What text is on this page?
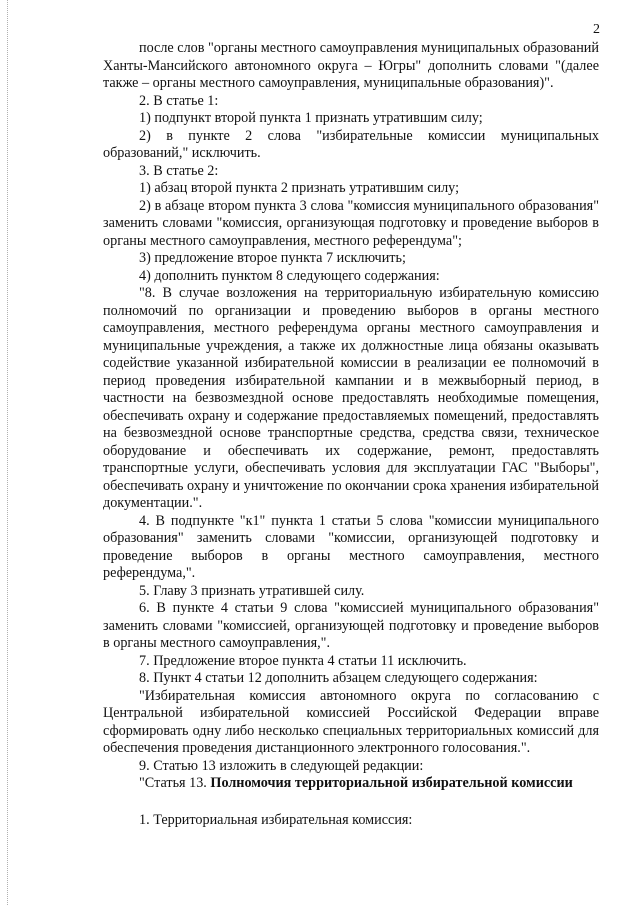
2

после слов "органы местного самоуправления муниципальных образований Ханты-Мансийского автономного округа – Югры" дополнить словами "(далее также – органы местного самоуправления, муниципальные образования)".

2. В статье 1:

1) подпункт второй пункта 1 признать утратившим силу;

2) в пункте 2 слова "избирательные комиссии муниципальных образований," исключить.

3. В статье 2:

1) абзац второй пункта 2 признать утратившим силу;

2) в абзаце втором пункта 3 слова "комиссия муниципального образования" заменить словами "комиссия, организующая подготовку и проведение выборов в органы местного самоуправления, местного референдума";

3) предложение второе пункта 7 исключить;

4) дополнить пунктом 8 следующего содержания:

"8. В случае возложения на территориальную избирательную комиссию полномочий по организации и проведению выборов в органы местного самоуправления, местного референдума органы местного самоуправления и муниципальные учреждения, а также их должностные лица обязаны оказывать содействие указанной избирательной комиссии в реализации ее полномочий в период проведения избирательной кампании и в межвыборный период, в частности на безвозмездной основе предоставлять необходимые помещения, обеспечивать охрану и содержание предоставляемых помещений, предоставлять на безвозмездной основе транспортные средства, средства связи, техническое оборудование и обеспечивать их содержание, ремонт, предоставлять транспортные услуги, обеспечивать условия для эксплуатации ГАС "Выборы", обеспечивать охрану и уничтожение по окончании срока хранения избирательной документации.".

4. В подпункте "к1" пункта 1 статьи 5 слова "комиссии муниципального образования" заменить словами "комиссии, организующей подготовку и проведение выборов в органы местного самоуправления, местного референдума,".

5. Главу 3 признать утратившей силу.

6. В пункте 4 статьи 9 слова "комиссией муниципального образования" заменить словами "комиссией, организующей подготовку и проведение выборов в органы местного самоуправления,".

7. Предложение второе пункта 4 статьи 11 исключить.

8. Пункт 4 статьи 12 дополнить абзацем следующего содержания:

"Избирательная комиссия автономного округа по согласованию с Центральной избирательной комиссией Российской Федерации вправе сформировать одну либо несколько специальных территориальных комиссий для обеспечения проведения дистанционного электронного голосования.".

9. Статью 13 изложить в следующей редакции:

"Статья 13. Полномочия территориальной избирательной комиссии

1. Территориальная избирательная комиссия:
